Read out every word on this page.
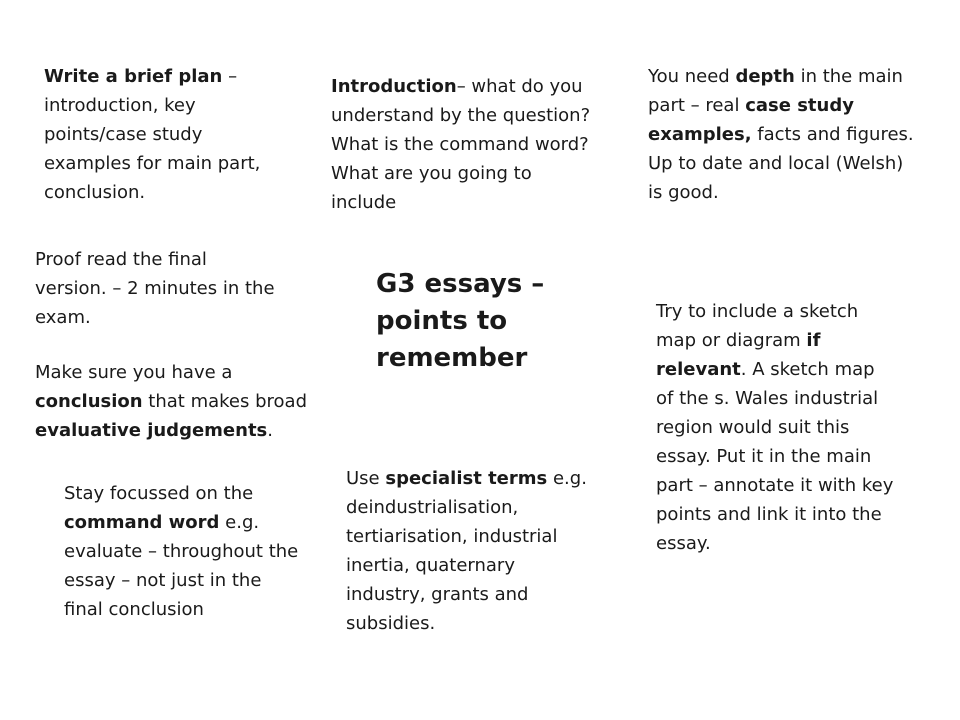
Write a brief plan – introduction, key points/case study examples for main part, conclusion.

Introduction– what do you understand by the question? What is the command word? What are you going to include

You need depth in the main part – real case study examples, facts and figures. Up to date and local (Welsh) is good.

Proof read the final version. – 2 minutes in the exam.

G3 essays – points to remember

Make sure you have a conclusion that makes broad evaluative judgements.

Stay focussed on the command word e.g. evaluate – throughout the essay – not just in the final conclusion

Use specialist terms e.g. deindustrialisation, tertiarisation, industrial inertia, quaternary industry, grants and subsidies.

Try to include a sketch map or diagram if relevant. A sketch map of the s. Wales industrial region would suit this essay. Put it in the main part – annotate it with key points and link it into the essay.
